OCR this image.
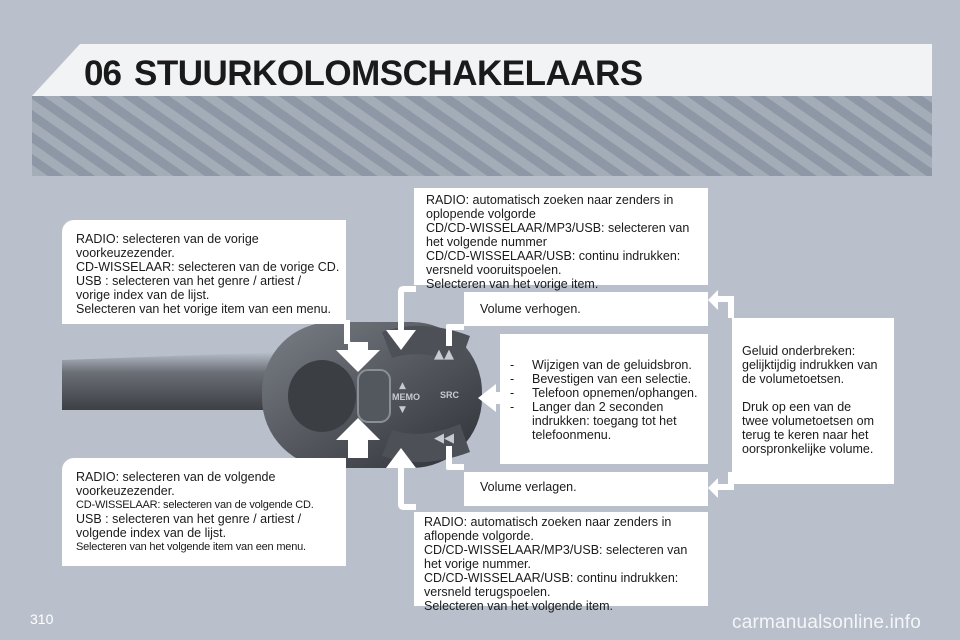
06 STUURKOLOMSCHAKELAARS
▲▲
◀◀
MEMO SRC
▲
▼
RADIO: selecteren van de vorige
voorkeuzezender.
CD-WISSELAAR: selecteren van de vorige CD.
USB : selecteren van het genre / artiest /
vorige index van de lijst.
Selecteren van het vorige item van een menu.
RADIO: selecteren van de volgende
voorkeuzezender.
CD-WISSELAAR: selecteren van de volgende CD.
USB : selecteren van het genre / artiest /
volgende index van de lijst.
Selecteren van het volgende item van een menu.
RADIO: automatisch zoeken naar zenders in
oplopende volgorde
CD/CD-WISSELAAR/MP3/USB: selecteren van
het volgende nummer
CD/CD-WISSELAAR/USB: continu indrukken:
versneld vooruitspoelen.
Selecteren van het vorige item.
Volume verhogen.
- Wijzigen van de geluidsbron.
- Bevestigen van een selectie.
- Telefoon opnemen/ophangen.
- Langer dan 2 seconden
indrukken: toegang tot het
telefoonmenu.
Volume verlagen.
RADIO: automatisch zoeken naar zenders in
aflopende volgorde.
CD/CD-WISSELAAR/MP3/USB: selecteren van
het vorige nummer.
CD/CD-WISSELAAR/USB: continu indrukken:
versneld terugspoelen.
Selecteren van het volgende item.
Geluid onderbreken:
gelijktijdig indrukken van
de volumetoetsen.
Druk op een van de
twee volumetoetsen om
terug te keren naar het
oorspronkelijke volume.
310	carmanualsonline.info
